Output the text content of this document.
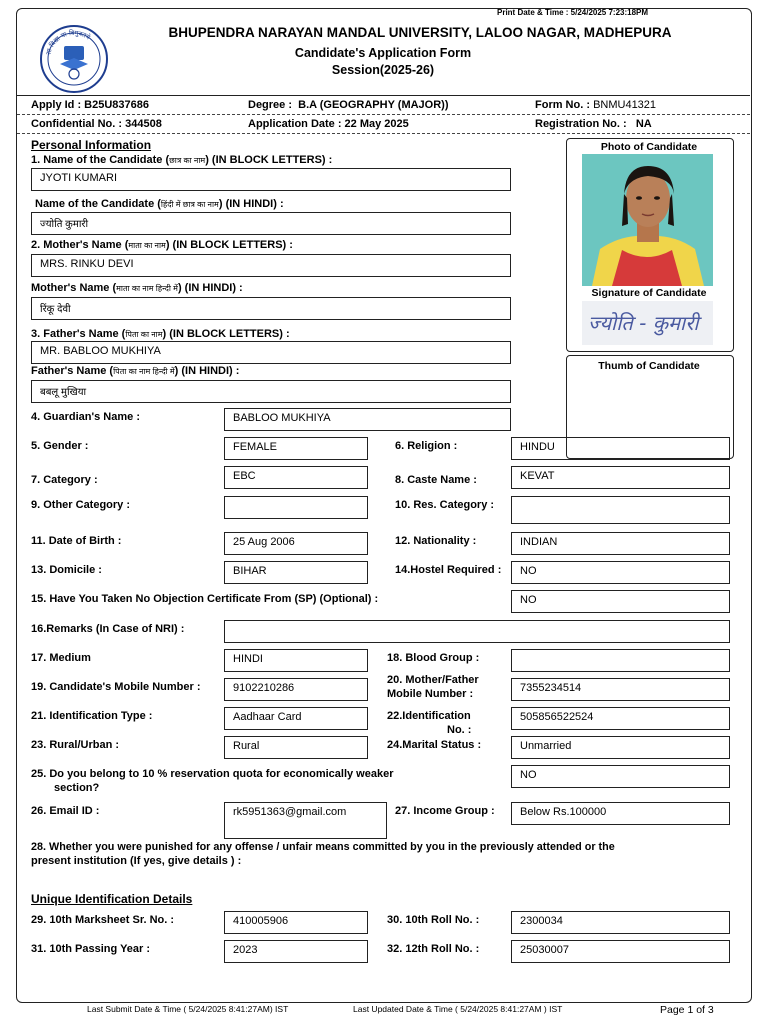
Print Date & Time : 5/24/2025 7:23:18PM
सा विद्या या विमुक्तये	BHUPENDRA NARAYAN MANDAL UNIVERSITY, LALOO NAGAR, MADHEPURA
Candidate's Application Form
Session(2025-26)
Apply Id : B25U837686	Degree : B.A (GEOGRAPHY (MAJOR))	Form No. : BNMU41321
Confidential No. : 344508	Application Date : 22 May 2025	Registration No. : NA
Personal Information	Photo of Candidate
Signature of Candidate
ज्योति - कुमारी
Thumb of Candidate
1. Name of the Candidate (छात्र का नाम) (IN BLOCK LETTERS) :
JYOTI KUMARI
Name of the Candidate (हिंदी में छात्र का नाम) (IN HINDI) :
ज्योति कुमारी
2. Mother's Name (माता का नाम) (IN BLOCK LETTERS) :
MRS. RINKU DEVI
Mother's Name (माता का नाम हिन्दी में) (IN HINDI) :
रिंकू देवी
3. Father's Name (पिता का नाम) (IN BLOCK LETTERS) :
MR. BABLOO MUKHIYA
Father's Name (पिता का नाम हिन्दी में) (IN HINDI) :
बबलू मुखिया
4. Guardian's Name :	BABLOO MUKHIYA
5. Gender :	FEMALE	6. Religion :	HINDU
7. Category :	EBC	8. Caste Name :	KEVAT
9. Other Category :	10. Res. Category :
11. Date of Birth :	25 Aug 2006	12. Nationality :	INDIAN
13. Domicile :	BIHAR	14.Hostel Required :	NO
15. Have You Taken No Objection Certificate From (SP) (Optional) :	NO
16.Remarks (In Case of NRI) :
17. Medium	HINDI	18. Blood Group :
19. Candidate's Mobile Number :	9102210286
20. Mother/Father
Mobile Number :	7355234514
21. Identification Type :	Aadhaar Card	22.Identification
No. :
505856522524
23. Rural/Urban :	Rural	24.Marital Status :	Unmarried
25. Do you belong to 10 % reservation quota for economically weaker
section?
NO
26. Email ID :	rk5951363@gmail.com	27. Income Group :	Below Rs.100000
28. Whether you were punished for any offense / unfair means committed by you in the previously attended or the
present institution (If yes, give details ) :
Unique Identification Details
29. 10th Marksheet Sr. No. :	410005906	30. 10th Roll No. :	2300034
31. 10th Passing Year :	2023	32. 12th Roll No. :	25030007
Last Submit Date & Time ( 5/24/2025 8:41:27AM) IST	Last Updated Date & Time ( 5/24/2025 8:41:27AM ) IST	Page 1 of 3
